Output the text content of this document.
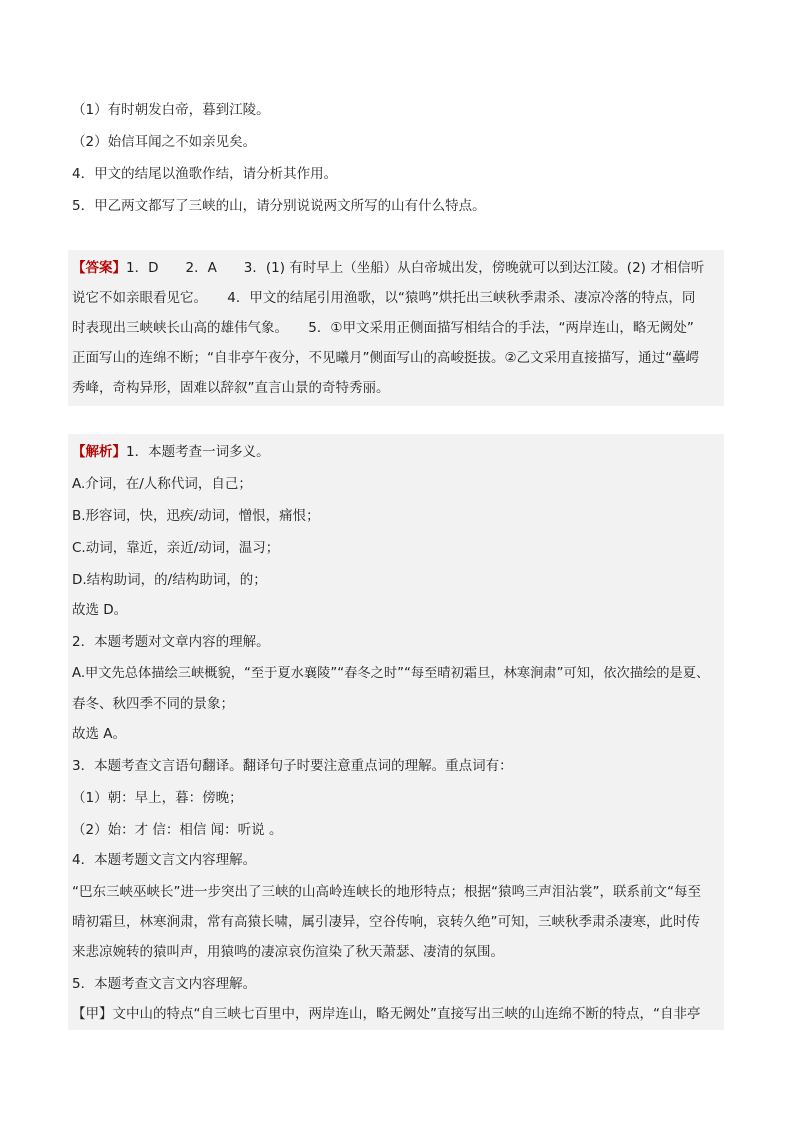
（1）有时朝发白帝，暮到江陵。
（2）始信耳闻之不如亲见矣。
4．甲文的结尾以渔歌作结，请分析其作用。
5．甲乙两文都写了三峡的山，请分别说说两文所写的山有什么特点。
【答案】1．D　　2．A　　3．(1) 有时早上（坐船）从白帝城出发，傍晚就可以到达江陵。(2) 才相信听
说它不如亲眼看见它。　　4．甲文的结尾引用渔歌，以“猿鸣”烘托出三峡秋季肃杀、凄凉冷落的特点，同
时表现出三峡峡长山高的雄伟气象。　　5．①甲文采用正侧面描写相结合的手法，“两岸连山，略无阙处”
正面写山的连绵不断；“自非亭午夜分，不见曦月”侧面写山的高峻挺拔。②乙文采用直接描写，通过“蘲崿
秀峰，奇构异形，固难以辞叙”直言山景的奇特秀丽。
【解析】1．本题考查一词多义。
A.介词，在/人称代词，自己；
B.形容词，快，迅疾/动词，憎恨，痛恨；
C.动词，靠近，亲近/动词，温习；
D.结构助词，的/结构助词，的；
故选 D。
2．本题考题对文章内容的理解。
A.甲文先总体描绘三峡概貌，“至于夏水襄陵”“春冬之时”“每至晴初霜旦，林寒涧肃”可知，依次描绘的是夏、
春冬、秋四季不同的景象；
故选 A。
3．本题考查文言语句翻译。翻译句子时要注意重点词的理解。重点词有：
（1）朝：早上，暮：傍晚；
（2）始：才 信：相信 闻：听说 。
4．本题考题文言文内容理解。
“巴东三峡巫峡长”进一步突出了三峡的山高岭连峡长的地形特点；根据“猿鸣三声泪沾裳”，联系前文“每至
晴初霜旦，林寒涧肃，常有高猿长啸，属引凄异，空谷传响，哀转久绝”可知，三峡秋季肃杀凄寒，此时传
来悲凉婉转的猿叫声，用猿鸣的凄凉哀伤渲染了秋天萧瑟、凄清的氛围。
5．本题考查文言文内容理解。
【甲】文中山的特点“自三峡七百里中，两岸连山，略无阙处”直接写出三峡的山连绵不断的特点，“自非亭
